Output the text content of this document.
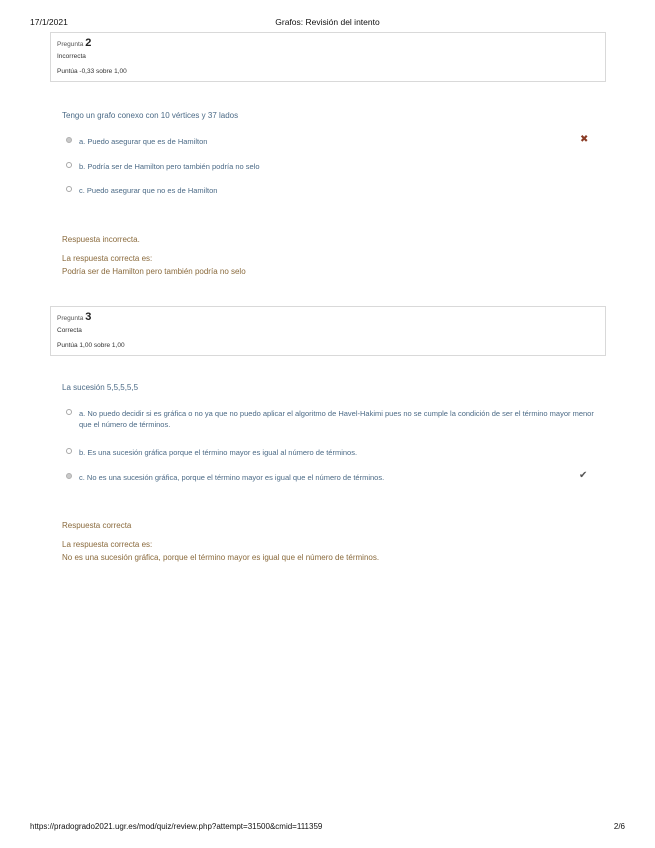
17/1/2021	Grafos: Revisión del intento
Pregunta 2
Incorrecta
Puntúa -0,33 sobre 1,00
Tengo un grafo conexo con 10 vértices y 37 lados
a. Puedo asegurar que es de Hamilton	✖
b. Podría ser de Hamilton pero también podría no selo
c. Puedo asegurar que no es de Hamilton
Respuesta incorrecta.
La respuesta correcta es:
Podría ser de Hamilton pero también podría no selo
Pregunta 3
Correcta
Puntúa 1,00 sobre 1,00
La sucesión 5,5,5,5,5
a. No puedo decidir si es gráfica o no ya que no puedo aplicar el algoritmo de Havel-Hakimi pues no se cumple la condición de ser el término mayor menor que el número de términos.
b. Es una sucesión gráfica porque el término mayor es igual al número de términos.
c. No es una sucesión gráfica, porque el término mayor es igual que el número de términos.	✔
Respuesta correcta
La respuesta correcta es:
No es una sucesión gráfica, porque el término mayor es igual que el número de términos.
https://pradogrado2021.ugr.es/mod/quiz/review.php?attempt=31500&cmid=111359	2/6
